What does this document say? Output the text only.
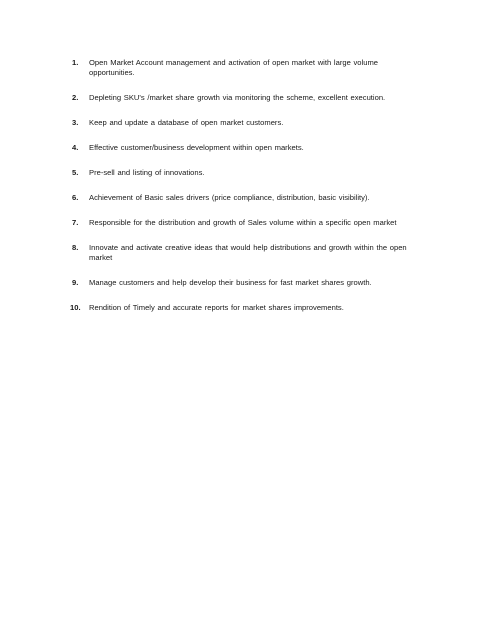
1.	Open Market Account management and activation of open market with large volume opportunities.
2.	Depleting SKU's /market share growth via monitoring the scheme, excellent execution.
3.	Keep and update a database of open market customers.
4.	Effective customer/business development within open markets.
5.	Pre-sell and listing of innovations.
6.	Achievement of Basic sales drivers (price compliance, distribution, basic visibility).
7.	Responsible for the distribution and growth of Sales volume within a specific open market
8.	Innovate and activate creative ideas that would help distributions and growth within the open market
9.	Manage customers and help develop their business for fast market shares growth.
10.	Rendition of Timely and accurate reports for market shares improvements.
